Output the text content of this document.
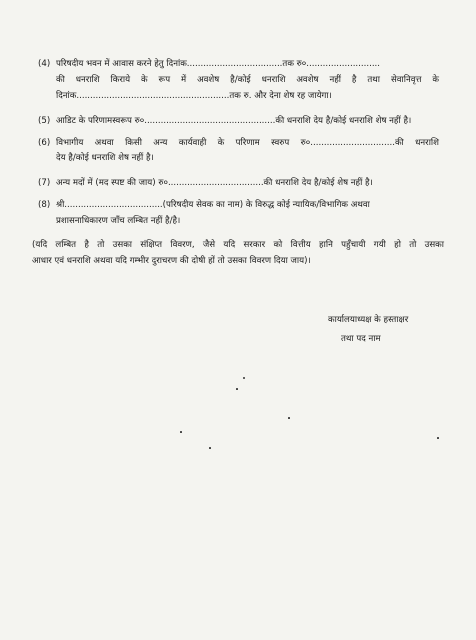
(4) परिषदीय भवन में आवास करने हेतु दिनांक...................................तक रु०...........................
की धनराशि किराये के रूप में अवशेष है/कोई धनराशि अवशेष नहीं है तथा सेवानिवृत्त के
दिनांक........................................................तक रु. और देना शेष रह जायेगा।
(5) आडिट के परिणामस्वरूप रु०................................................की धनराशि देय है/कोई धनराशि शेष नहीं है।
(6) विभागीय अथवा किसी अन्य कार्यवाही के परिणाम स्वरुप रु०...............................की धनराशि
देय है/कोई धनराशि शेष नहीं है।
(7) अन्य मदों में (मद स्पष्ट की जाय) रु०...................................की धनराशि देय है/कोई शेष नहीं है।
(8) श्री....................................(परिषदीय सेवक का नाम) के विरुद्ध कोई न्यायिक/विभागिक अथवा
प्रशासनाधिकारण जाँच लम्बित नहीं है/है।
(यदि लम्बित है तो उसका संक्षिप्त विवरण, जैसे यदि सरकार को वित्तीय हानि पहुँचायी गयी हो तो उसका
आधार एवं धनराशि अथवा यदि गम्भीर दुराचरण की दोषी हों तो उसका विवरण दिया जाय)।
कार्यालयाध्यक्ष के हस्ताक्षर
तथा पद नाम
